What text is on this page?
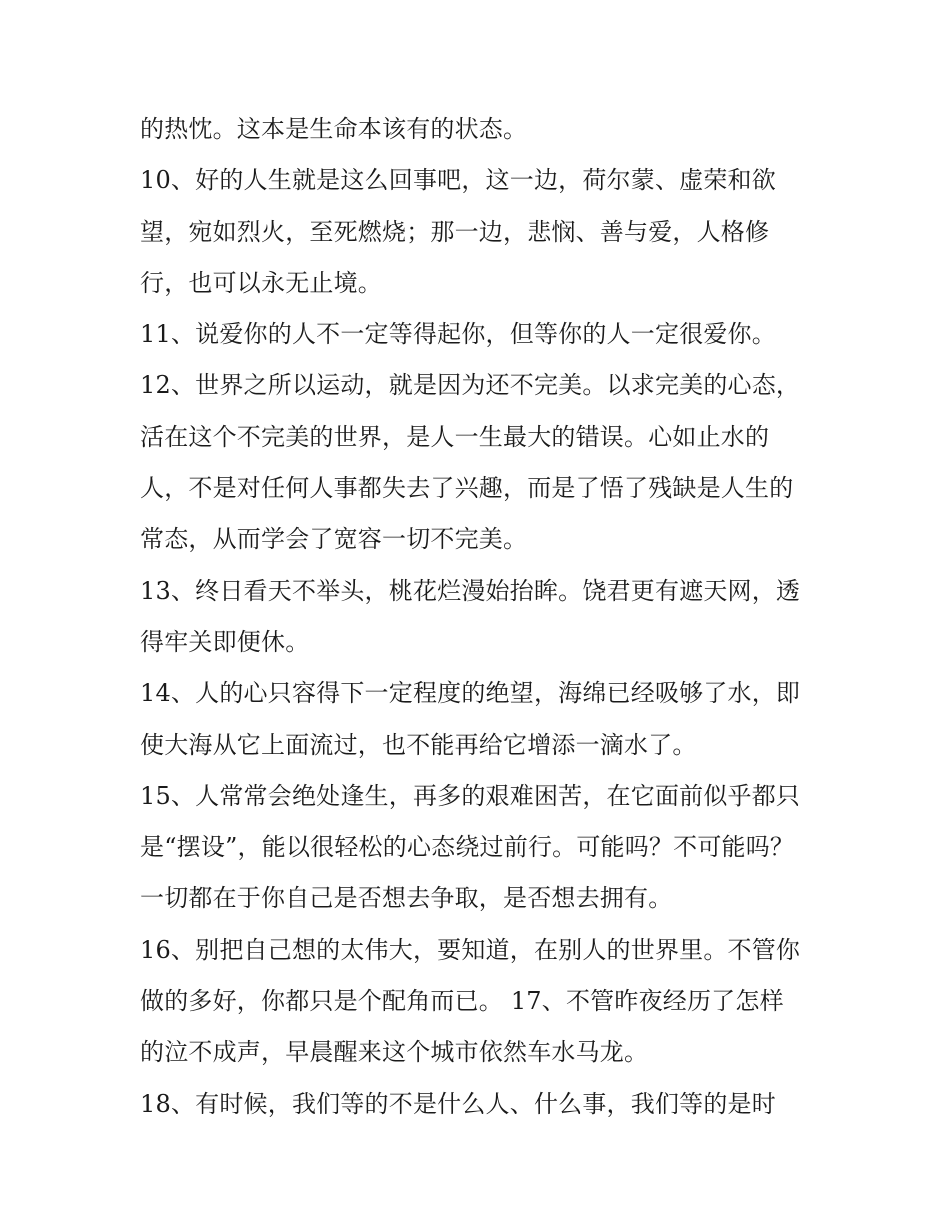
的热忱。这本是生命本该有的状态。
10、好的人生就是这么回事吧，这一边，荷尔蒙、虚荣和欲
望，宛如烈火，至死燃烧；那一边，悲悯、善与爱，人格修
行，也可以永无止境。
11、说爱你的人不一定等得起你，但等你的人一定很爱你。
12、世界之所以运动，就是因为还不完美。以求完美的心态，
活在这个不完美的世界，是人一生最大的错误。心如止水的
人，不是对任何人事都失去了兴趣，而是了悟了残缺是人生的
常态，从而学会了宽容一切不完美。
13、终日看天不举头，桃花烂漫始抬眸。饶君更有遮天网，透
得牢关即便休。
14、人的心只容得下一定程度的绝望，海绵已经吸够了水，即
使大海从它上面流过，也不能再给它增添一滴水了。
15、人常常会绝处逢生，再多的艰难困苦，在它面前似乎都只
是“摆设”，能以很轻松的心态绕过前行。可能吗？不可能吗？
一切都在于你自己是否想去争取，是否想去拥有。
16、别把自己想的太伟大，要知道，在别人的世界里。不管你
做的多好，你都只是个配角而已。 17、不管昨夜经历了怎样
的泣不成声，早晨醒来这个城市依然车水马龙。
18、有时候，我们等的不是什么人、什么事，我们等的是时
